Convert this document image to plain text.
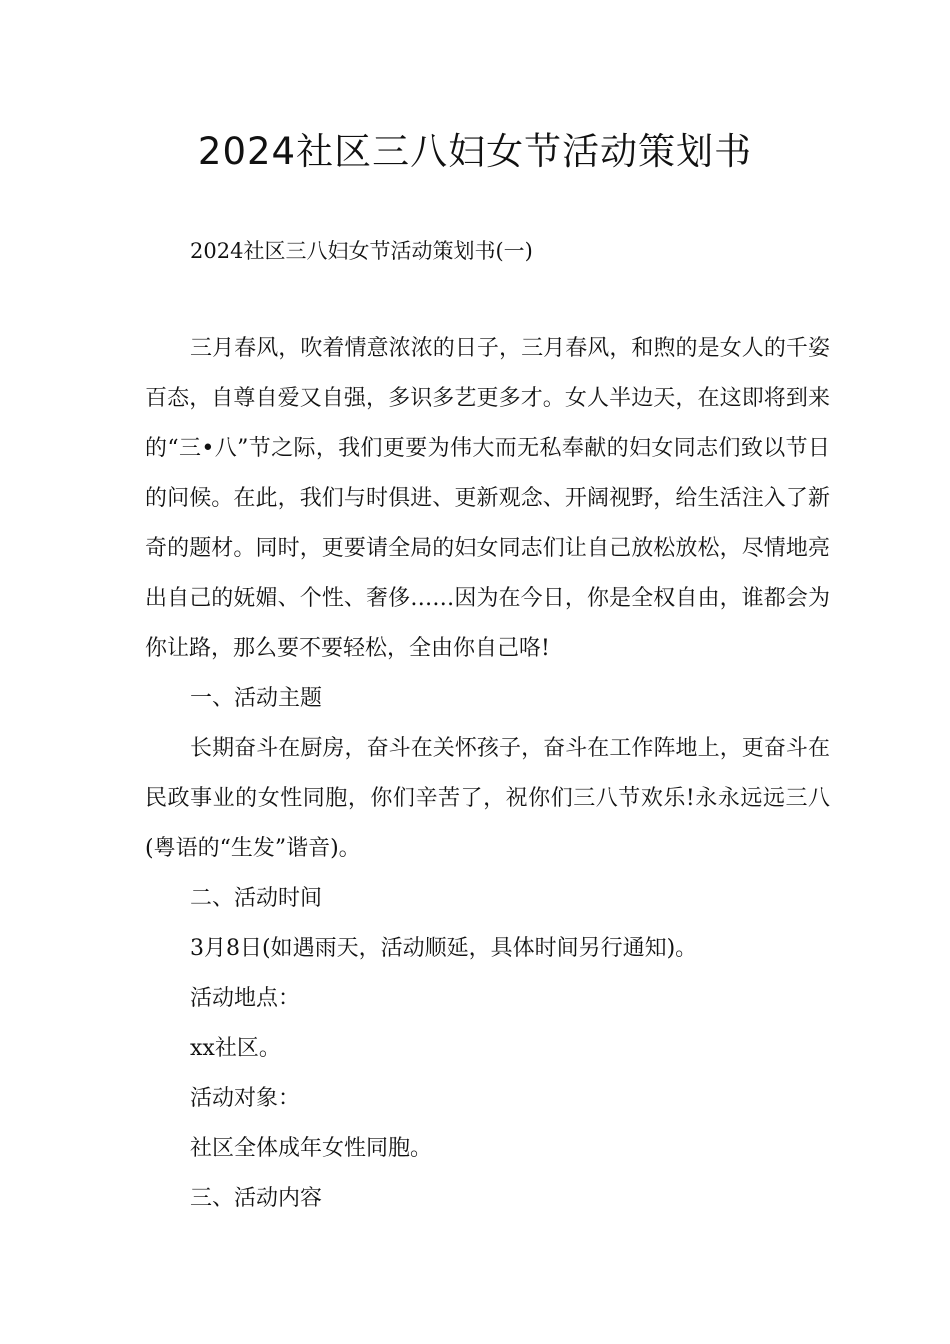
2024社区三八妇女节活动策划书
2024社区三八妇女节活动策划书(一)
三月春风，吹着情意浓浓的日子，三月春风，和煦的是女人的千姿百态，自尊自爱又自强，多识多艺更多才。女人半边天，在这即将到来的“三•八”节之际，我们更要为伟大而无私奉献的妇女同志们致以节日的问候。在此，我们与时俱进、更新观念、开阔视野，给生活注入了新奇的题材。同时，更要请全局的妇女同志们让自己放松放松，尽情地亮出自己的妩媚、个性、奢侈……因为在今日，你是全权自由，谁都会为你让路，那么要不要轻松，全由你自己咯!
一、活动主题
长期奋斗在厨房，奋斗在关怀孩子，奋斗在工作阵地上，更奋斗在民政事业的女性同胞，你们辛苦了，祝你们三八节欢乐!永永远远三八(粤语的“生发”谐音)。
二、活动时间
3月8日(如遇雨天，活动顺延，具体时间另行通知)。
活动地点：
xx社区。
活动对象：
社区全体成年女性同胞。
三、活动内容
